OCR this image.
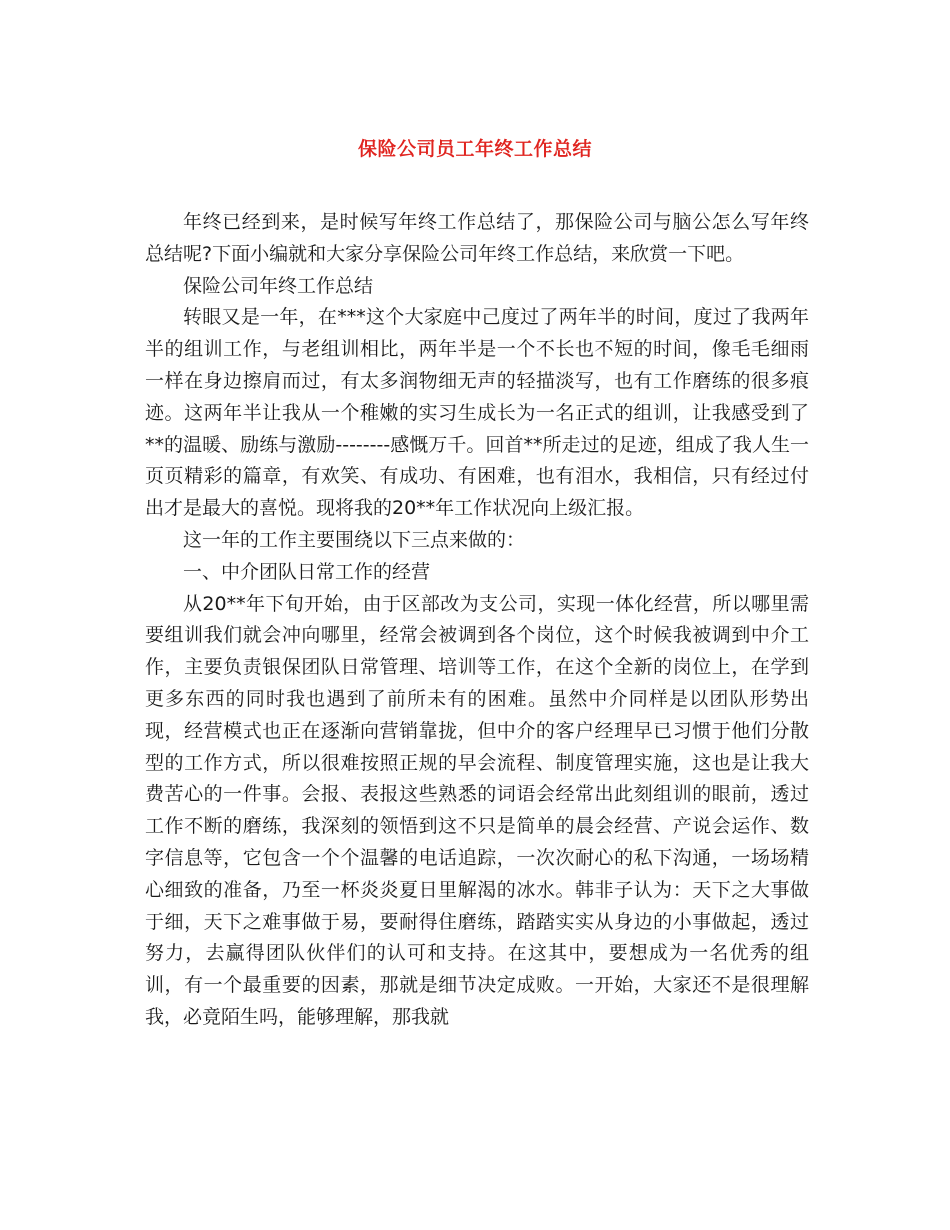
保险公司员工年终工作总结

年终已经到来，是时候写年终工作总结了，那保险公司与脑公怎么写年终总结呢?下面小编就和大家分享保险公司年终工作总结，来欣赏一下吧。

保险公司年终工作总结

转眼又是一年，在***这个大家庭中己度过了两年半的时间，度过了我两年半的组训工作，与老组训相比，两年半是一个不长也不短的时间，像毛毛细雨一样在身边擦肩而过，有太多润物细无声的轻描淡写，也有工作磨练的很多痕迹。这两年半让我从一个稚嫩的实习生成长为一名正式的组训，让我感受到了**的温暖、励练与激励--------感慨万千。回首**所走过的足迹，组成了我人生一页页精彩的篇章，有欢笑、有成功、有困难，也有泪水，我相信，只有经过付出才是最大的喜悦。现将我的20**年工作状况向上级汇报。

这一年的工作主要围绕以下三点来做的：

一、中介团队日常工作的经营

从20**年下旬开始，由于区部改为支公司，实现一体化经营，所以哪里需要组训我们就会冲向哪里，经常会被调到各个岗位，这个时候我被调到中介工作，主要负责银保团队日常管理、培训等工作，在这个全新的岗位上，在学到更多东西的同时我也遇到了前所未有的困难。虽然中介同样是以团队形势出现，经营模式也正在逐渐向营销靠拢，但中介的客户经理早已习惯于他们分散型的工作方式，所以很难按照正规的早会流程、制度管理实施，这也是让我大费苦心的一件事。会报、表报这些熟悉的词语会经常出此刻组训的眼前，透过工作不断的磨练，我深刻的领悟到这不只是简单的晨会经营、产说会运作、数字信息等，它包含一个个温馨的电话追踪，一次次耐心的私下沟通，一场场精心细致的准备，乃至一杯炎炎夏日里解渴的冰水。韩非子认为：天下之大事做于细，天下之难事做于易，要耐得住磨练，踏踏实实从身边的小事做起，透过努力，去赢得团队伙伴们的认可和支持。在这其中，要想成为一名优秀的组训，有一个最重要的因素，那就是细节决定成败。一开始，大家还不是很理解我，必竟陌生吗，能够理解，那我就
